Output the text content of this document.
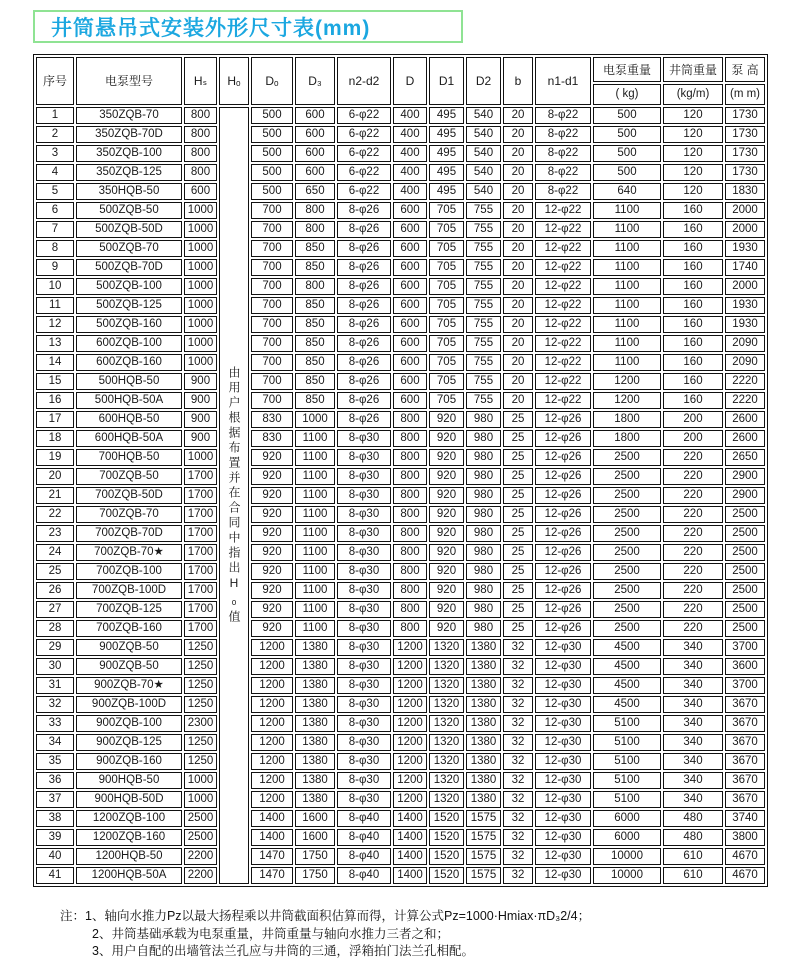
井筒悬吊式安装外形尺寸表(mm)
序号	电泵型号	Hₛ	Hₒ	Dₒ	D₃	n2-d2	D	D1	D2	b	n1-d1	电泵重量	井筒重量	泵 高
												( kg)	(kg/m)	(m m)
1	350ZQB-70	800	由用户根据布置并在合同中指出Hₒ值	500	600	6-φ22	400	495	540	20	8-φ22	500	120	1730
2	350ZQB-70D	800		500	600	6-φ22	400	495	540	20	8-φ22	500	120	1730
3	350ZQB-100	800		500	600	6-φ22	400	495	540	20	8-φ22	500	120	1730
4	350ZQB-125	800		500	600	6-φ22	400	495	540	20	8-φ22	500	120	1730
5	350HQB-50	600		500	650	6-φ22	400	495	540	20	8-φ22	640	120	1830
6	500ZQB-50	1000		700	800	8-φ26	600	705	755	20	12-φ22	1100	160	2000
7	500ZQB-50D	1000		700	800	8-φ26	600	705	755	20	12-φ22	1100	160	2000
8	500ZQB-70	1000		700	850	8-φ26	600	705	755	20	12-φ22	1100	160	1930
9	500ZQB-70D	1000		700	850	8-φ26	600	705	755	20	12-φ22	1100	160	1740
10	500ZQB-100	1000		700	800	8-φ26	600	705	755	20	12-φ22	1100	160	2000
11	500ZQB-125	1000		700	850	8-φ26	600	705	755	20	12-φ22	1100	160	1930
12	500ZQB-160	1000		700	850	8-φ26	600	705	755	20	12-φ22	1100	160	1930
13	600ZQB-100	1000		700	850	8-φ26	600	705	755	20	12-φ22	1100	160	2090
14	600ZQB-160	1000		700	850	8-φ26	600	705	755	20	12-φ22	1100	160	2090
15	500HQB-50	900		700	850	8-φ26	600	705	755	20	12-φ22	1200	160	2220
16	500HQB-50A	900		700	850	8-φ26	600	705	755	20	12-φ22	1200	160	2220
17	600HQB-50	900		830	1000	8-φ26	800	920	980	25	12-φ26	1800	200	2600
18	600HQB-50A	900		830	1100	8-φ30	800	920	980	25	12-φ26	1800	200	2600
19	700HQB-50	1000		920	1100	8-φ30	800	920	980	25	12-φ26	2500	220	2650
20	700ZQB-50	1700		920	1100	8-φ30	800	920	980	25	12-φ26	2500	220	2900
21	700ZQB-50D	1700		920	1100	8-φ30	800	920	980	25	12-φ26	2500	220	2900
22	700ZQB-70	1700		920	1100	8-φ30	800	920	980	25	12-φ26	2500	220	2500
23	700ZQB-70D	1700		920	1100	8-φ30	800	920	980	25	12-φ26	2500	220	2500
24	700ZQB-70★	1700		920	1100	8-φ30	800	920	980	25	12-φ26	2500	220	2500
25	700ZQB-100	1700		920	1100	8-φ30	800	920	980	25	12-φ26	2500	220	2500
26	700ZQB-100D	1700		920	1100	8-φ30	800	920	980	25	12-φ26	2500	220	2500
27	700ZQB-125	1700		920	1100	8-φ30	800	920	980	25	12-φ26	2500	220	2500
28	700ZQB-160	1700		920	1100	8-φ30	800	920	980	25	12-φ26	2500	220	2500
29	900ZQB-50	1250		1200	1380	8-φ30	1200	1320	1380	32	12-φ30	4500	340	3700
30	900ZQB-50	1250		1200	1380	8-φ30	1200	1320	1380	32	12-φ30	4500	340	3600
31	900ZQB-70★	1250		1200	1380	8-φ30	1200	1320	1380	32	12-φ30	4500	340	3700
32	900ZQB-100D	1250		1200	1380	8-φ30	1200	1320	1380	32	12-φ30	4500	340	3670
33	900ZQB-100	2300		1200	1380	8-φ30	1200	1320	1380	32	12-φ30	5100	340	3670
34	900ZQB-125	1250		1200	1380	8-φ30	1200	1320	1380	32	12-φ30	5100	340	3670
35	900ZQB-160	1250		1200	1380	8-φ30	1200	1320	1380	32	12-φ30	5100	340	3670
36	900HQB-50	1000		1200	1380	8-φ30	1200	1320	1380	32	12-φ30	5100	340	3670
37	900HQB-50D	1000		1200	1380	8-φ30	1200	1320	1380	32	12-φ30	5100	340	3670
38	1200ZQB-100	2500		1400	1600	8-φ40	1400	1520	1575	32	12-φ30	6000	480	3740
39	1200ZQB-160	2500		1400	1600	8-φ40	1400	1520	1575	32	12-φ30	6000	480	3800
40	1200HQB-50	2200		1470	1750	8-φ40	1400	1520	1575	32	12-φ30	10000	610	4670
41	1200HQB-50A	2200		1470	1750	8-φ40	1400	1520	1575	32	12-φ30	10000	610	4670
注：1、轴向水推力Pz以最大扬程乘以井筒截面积估算而得，计算公式Pz=1000·Hmiax·πD₃2/4；
2、井筒基础承载为电泵重量，井筒重量与轴向水推力三者之和；
3、用户自配的出墙管法兰孔应与井筒的三通，浮箱拍门法兰孔相配。
